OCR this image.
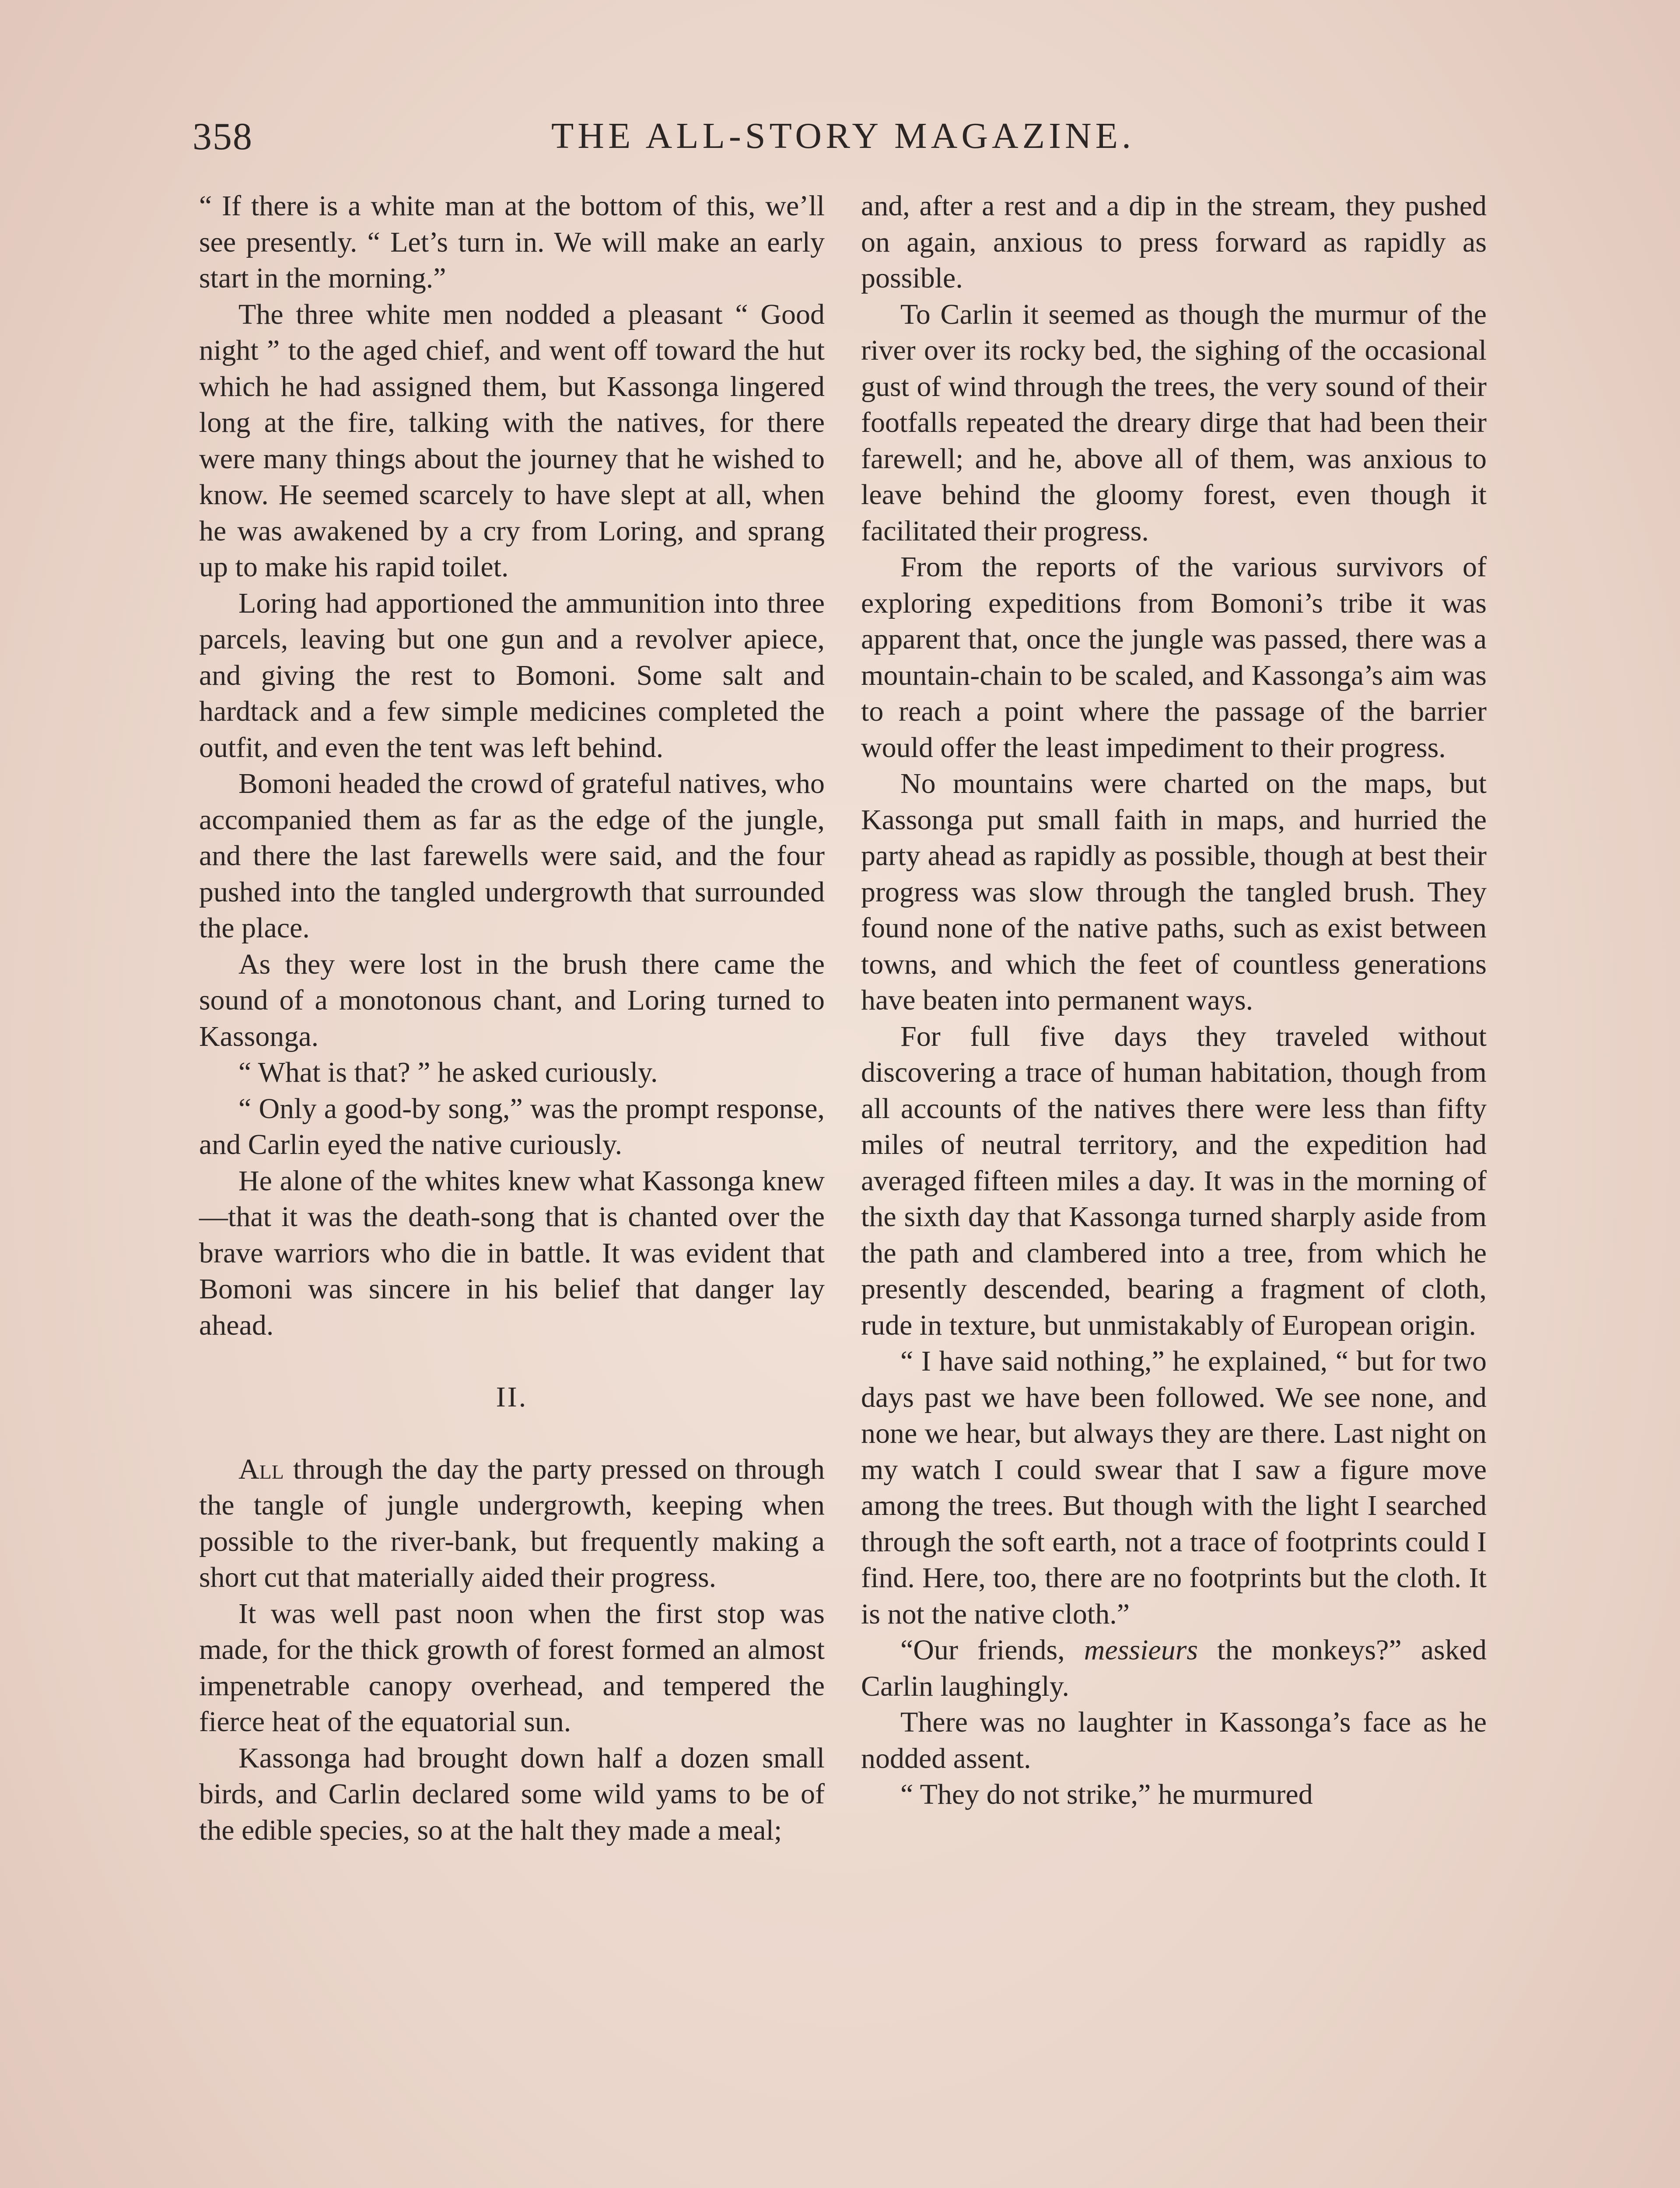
358	THE ALL-STORY MAGAZINE.

“ If there is a white man at the bottom of this, we’ll see presently. “ Let’s turn in. We will make an early start in the morning.”

The three white men nodded a pleasant “ Good night ” to the aged chief, and went off toward the hut which he had assigned them, but Kassonga lingered long at the fire, talking with the natives, for there were many things about the journey that he wished to know. He seemed scarcely to have slept at all, when he was awakened by a cry from Loring, and sprang up to make his rapid toilet.

Loring had apportioned the ammunition into three parcels, leaving but one gun and a revolver apiece, and giving the rest to Bomoni. Some salt and hardtack and a few simple medicines completed the outfit, and even the tent was left behind.

Bomoni headed the crowd of grateful natives, who accompanied them as far as the edge of the jungle, and there the last farewells were said, and the four pushed into the tangled undergrowth that surrounded the place.

As they were lost in the brush there came the sound of a monotonous chant, and Loring turned to Kassonga.

“ What is that? ” he asked curiously.

“ Only a good-by song,” was the prompt response, and Carlin eyed the native curiously.

He alone of the whites knew what Kassonga knew—that it was the death-song that is chanted over the brave warriors who die in battle. It was evident that Bomoni was sincere in his belief that danger lay ahead.

II.

All through the day the party pressed on through the tangle of jungle undergrowth, keeping when possible to the river-bank, but frequently making a short cut that materially aided their progress.

It was well past noon when the first stop was made, for the thick growth of forest formed an almost impenetrable canopy overhead, and tempered the fierce heat of the equatorial sun.

Kassonga had brought down half a dozen small birds, and Carlin declared some wild yams to be of the edible species, so at the halt they made a meal;

and, after a rest and a dip in the stream, they pushed on again, anxious to press forward as rapidly as possible.

To Carlin it seemed as though the murmur of the river over its rocky bed, the sighing of the occasional gust of wind through the trees, the very sound of their footfalls repeated the dreary dirge that had been their farewell; and he, above all of them, was anxious to leave behind the gloomy forest, even though it facilitated their progress.

From the reports of the various survivors of exploring expeditions from Bomoni’s tribe it was apparent that, once the jungle was passed, there was a mountain-chain to be scaled, and Kassonga’s aim was to reach a point where the passage of the barrier would offer the least impediment to their progress.

No mountains were charted on the maps, but Kassonga put small faith in maps, and hurried the party ahead as rapidly as possible, though at best their progress was slow through the tangled brush. They found none of the native paths, such as exist between towns, and which the feet of countless generations have beaten into permanent ways.

For full five days they traveled without discovering a trace of human habitation, though from all accounts of the natives there were less than fifty miles of neutral territory, and the expedition had averaged fifteen miles a day. It was in the morning of the sixth day that Kassonga turned sharply aside from the path and clambered into a tree, from which he presently descended, bearing a fragment of cloth, rude in texture, but unmistakably of European origin.

“ I have said nothing,” he explained, “ but for two days past we have been followed. We see none, and none we hear, but always they are there. Last night on my watch I could swear that I saw a figure move among the trees. But though with the light I searched through the soft earth, not a trace of footprints could I find. Here, too, there are no footprints but the cloth. It is not the native cloth.”

“Our friends, messieurs the monkeys?” asked Carlin laughingly.

There was no laughter in Kassonga’s face as he nodded assent.

“ They do not strike,” he murmured
